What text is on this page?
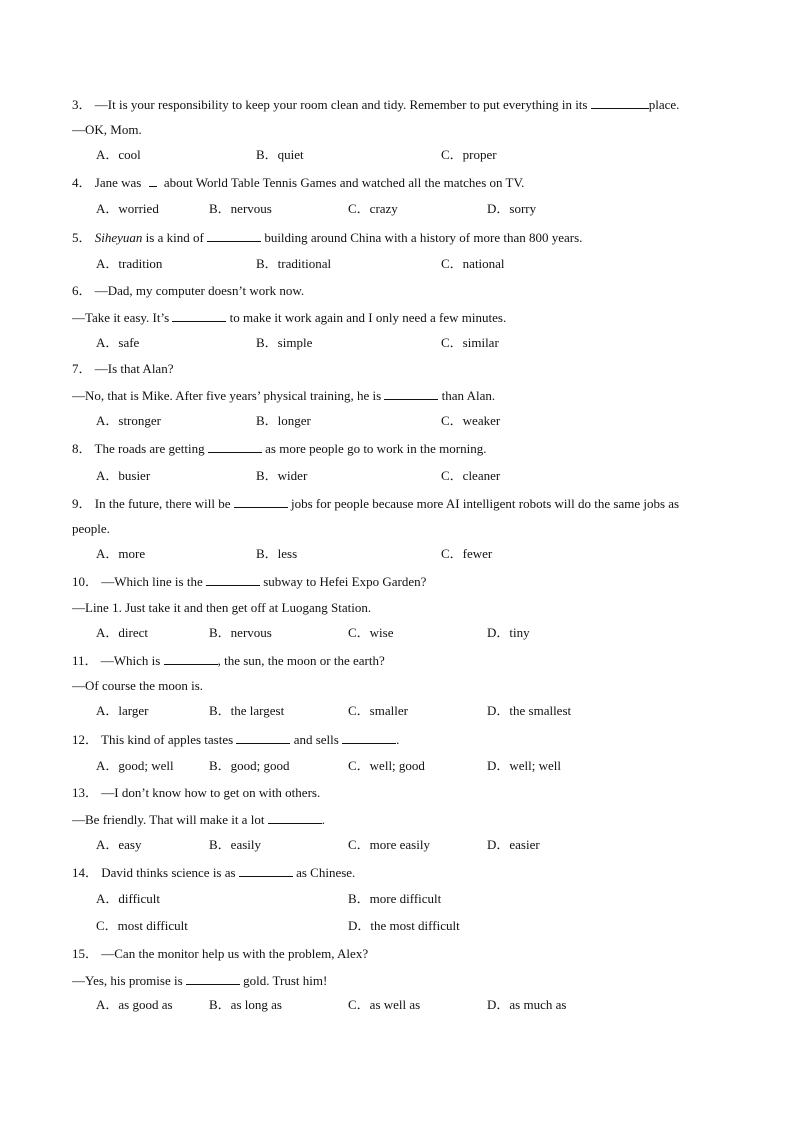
3． —It is your responsibility to keep your room clean and tidy. Remember to put everything in its	place.
—OK, Mom.
A．cool	B．quiet	C．proper
4． Jane was  about World Table Tennis Games and watched all the matches on TV.
A．worried	B．nervous	C．crazy	D．sorry
5． Siheyuan is a kind of	building around China with a history of more than 800 years.
A．tradition	B．traditional	C．national
6． —Dad, my computer doesn’t work now.
—Take it easy. It’s	to make it work again and I only need a few minutes.
A．safe	B．simple	C．similar
7． —Is that Alan?
—No, that is Mike. After five years’ physical training, he is	than Alan.
A．stronger	B．longer	C．weaker
8． The roads are getting	as more people go to work in the morning.
A．busier	B．wider	C．cleaner
9． In the future, there will be	jobs for people because more AI intelligent robots will do the same jobs as
people.
A．more	B．less	C．fewer
10． —Which line is the	subway to Hefei Expo Garden?
—Line 1. Just take it and then get off at Luogang Station.
A．direct	B．nervous	C．wise	D．tiny
11． —Which is	, the sun, the moon or the earth?
—Of course the moon is.
A．larger	B．the largest	C．smaller	D．the smallest
12． This kind of apples tastes	and sells	.
A．good; well	B．good; good	C．well; good	D．well; well
13． —I don’t know how to get on with others.
—Be friendly. That will make it a lot	.
A．easy	B．easily	C．more easily	D．easier
14． David thinks science is as	as Chinese.
A．difficult	B．more difficult
C．most difficult	D．the most difficult
15． —Can the monitor help us with the problem, Alex?
—Yes, his promise is	gold. Trust him!
A．as good as	B．as long as	C．as well as	D．as much as
